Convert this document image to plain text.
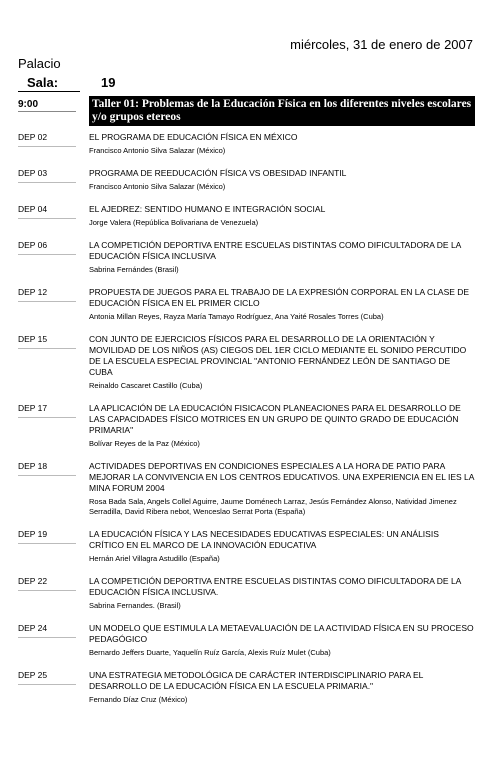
miércoles, 31 de enero de 2007
Palacio
Sala:	19
9:00	Taller 01: Problemas de la Educación Física en los diferentes niveles escolares y/o grupos etereos
DEP 02	EL PROGRAMA DE EDUCACIÓN FÍSICA EN MÉXICO
Francisco Antonio Silva Salazar (México)
DEP 03	PROGRAMA DE REEDUCACIÓN FÍSICA VS OBESIDAD INFANTIL
Francisco Antonio Silva Salazar (México)
DEP 04	EL AJEDREZ: SENTIDO HUMANO E INTEGRACIÓN SOCIAL
Jorge Valera (República Bolivariana de Venezuela)
DEP 06	LA COMPETICIÓN DEPORTIVA ENTRE ESCUELAS DISTINTAS COMO DIFICULTADORA DE LA EDUCACIÓN FÍSICA INCLUSIVA
Sabrina Fernándes (Brasil)
DEP 12	PROPUESTA DE JUEGOS PARA EL TRABAJO DE LA EXPRESIÓN CORPORAL EN LA CLASE DE EDUCACIÓN FÍSICA EN EL PRIMER CICLO
Antonia Millan Reyes, Rayza María Tamayo Rodríguez, Ana Yaité Rosales Torres (Cuba)
DEP 15	CON JUNTO DE EJERCICIOS FÍSICOS PARA EL DESARROLLO DE LA ORIENTACIÓN Y MOVILIDAD DE LOS NIÑOS (AS) CIEGOS DEL 1ER CICLO MEDIANTE EL SONIDO PERCUTIDO DE LA ESCUELA ESPECIAL PROVINCIAL "ANTONIO FERNÁNDEZ LEÓN DE SANTIAGO DE CUBA
Reinaldo Cascaret Castillo (Cuba)
DEP 17	LA APLICACIÓN DE LA EDUCACIÓN FISICACON PLANEACIONES PARA EL DESARROLLO DE LAS CAPACIDADES FÍSICO MOTRICES EN UN GRUPO DE QUINTO GRADO DE EDUCACIÓN PRIMARIA"
Bolívar Reyes de la Paz (México)
DEP 18	ACTIVIDADES DEPORTIVAS EN CONDICIONES ESPECIALES A LA HORA DE PATIO PARA MEJORAR LA CONVIVENCIA EN LOS CENTROS EDUCATIVOS. UNA EXPERIENCIA EN EL IES LA MINA FORUM 2004
Rosa Bada Sala, Angels Collel Aguirre, Jaume Doménech Larraz, Jesús Fernández Alonso, Natividad Jimenez Serradilla, David Ribera nebot, Wenceslao Serrat Porta (España)
DEP 19	LA EDUCACIÓN FÍSICA Y LAS NECESIDADES EDUCATIVAS ESPECIALES: UN ANÁLISIS CRÍTICO EN EL MARCO DE LA INNOVACIÓN EDUCATIVA
Hernán Ariel Villagra Astudillo (España)
DEP 22	LA COMPETICIÓN DEPORTIVA ENTRE ESCUELAS DISTINTAS COMO DIFICULTADORA DE LA EDUCACIÓN FÍSICA INCLUSIVA.
Sabrina Fernandes. (Brasil)
DEP 24	UN MODELO QUE ESTIMULA LA METAEVALUACIÓN DE LA ACTIVIDAD FÍSICA EN SU PROCESO PEDAGÓGICO
Bernardo Jeffers Duarte, Yaquelín Ruíz García, Alexis Ruíz Mulet (Cuba)
DEP 25	UNA ESTRATEGIA METODOLÓGICA DE CARÁCTER INTERDISCIPLINARIO PARA EL DESARROLLO DE LA EDUCACIÓN FÍSICA EN LA ESCUELA PRIMARIA."
Fernando Díaz Cruz (México)
